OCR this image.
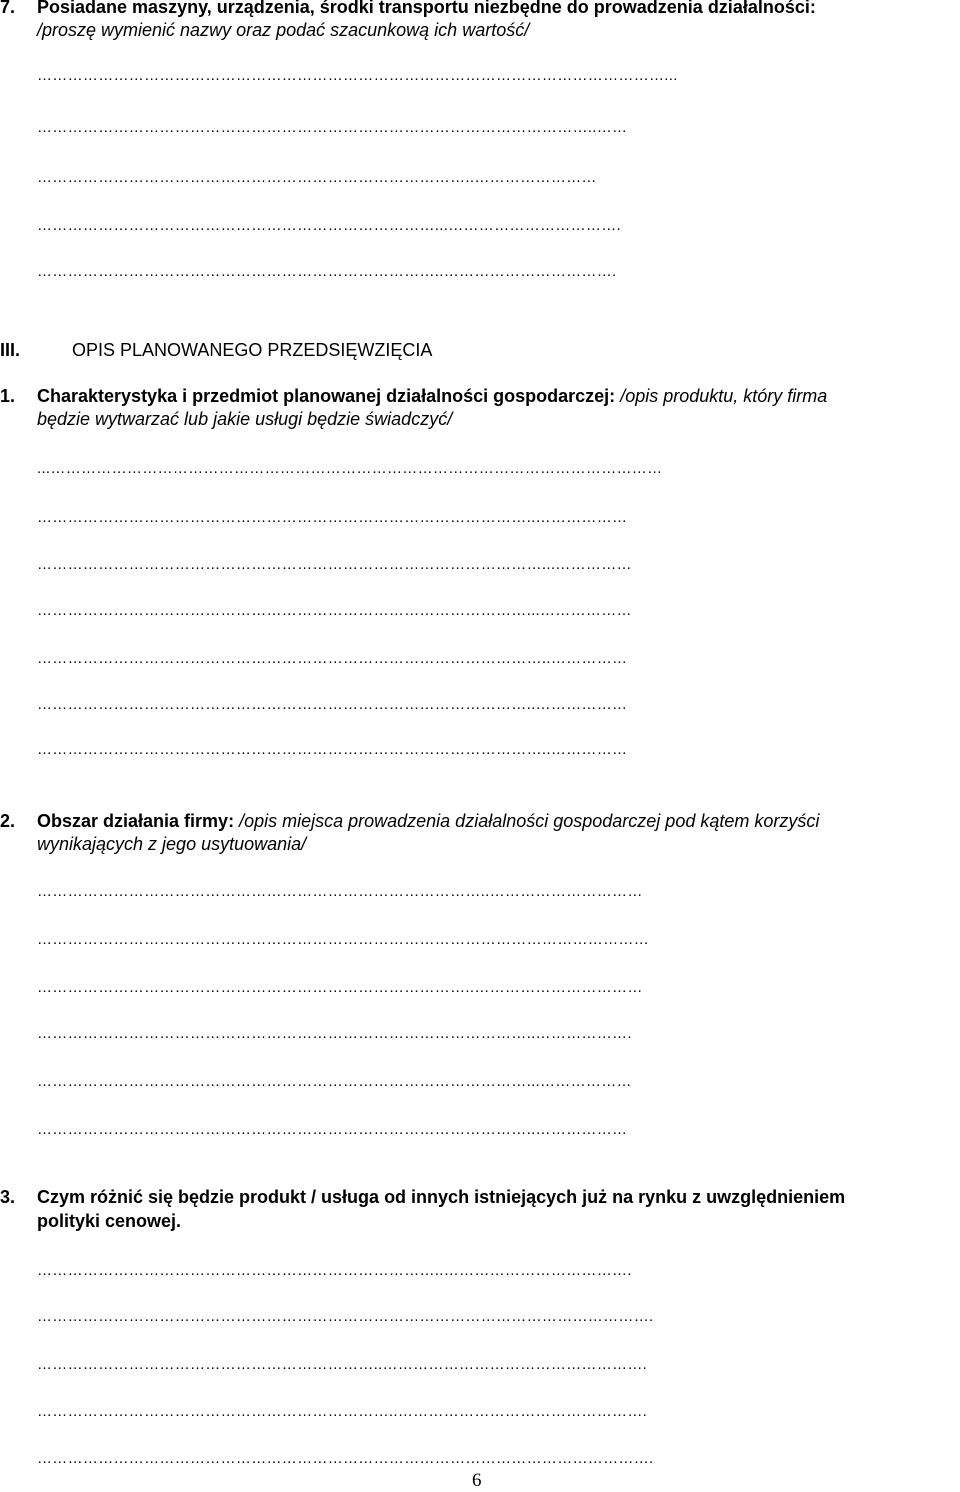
7. Posiadane maszyny, urządzenia, środki transportu niezbędne do prowadzenia działalności:
/proszę wymienić nazwy oraz podać szacunkową ich wartość/
……………………………………………………………………………………………………………...
………………………………………………………………………………………………..……
…………………………………………………………………………..……………………
……………………………………………………………………...…………………………….
……………………………………………………………………..…………………………….
III.	OPIS PLANOWANEGO PRZEDSIĘWZIĘCIA
1. Charakterystyka i przedmiot planowanej działalności gospodarczej: /opis produktu, który firma
będzie wytwarzać lub jakie usługi będzie świadczyć/
...…………………………………………………………………………………………………………
……………………………………………………………………………………..………………
………………………………………………………………………………………...……………
……………………………………………………………………………………...………………
………………………………………………………………………………………..……………
……………………………………………………………………………………..………………
………………………………………………………………………………………..……………
2. Obszar działania firmy: /opis miejsca prowadzenia działalności gospodarczej pod kątem korzyści
wynikających z jego usytuowania/
……………………………………………………………………………..…………………………
…………………………………………………………………………………………………………
…………………………………………………………………………..……………………………
……………………………………………………………………………………..……………….
……………………………………………………………………………………...………………
……………………………………………………………………………………..………………
3. Czym różnić się będzie produkt / usługa od innych istniejących już na rynku z uwzględnieniem
polityki cenowej.
……………………………………………………………………..……………………………….
………………………………………………………………………………………………………….
…………………………………………………………..…………………………………………….
……………………………………………………………..………………………………………….
………………………………………………………………………………………………………….
6
